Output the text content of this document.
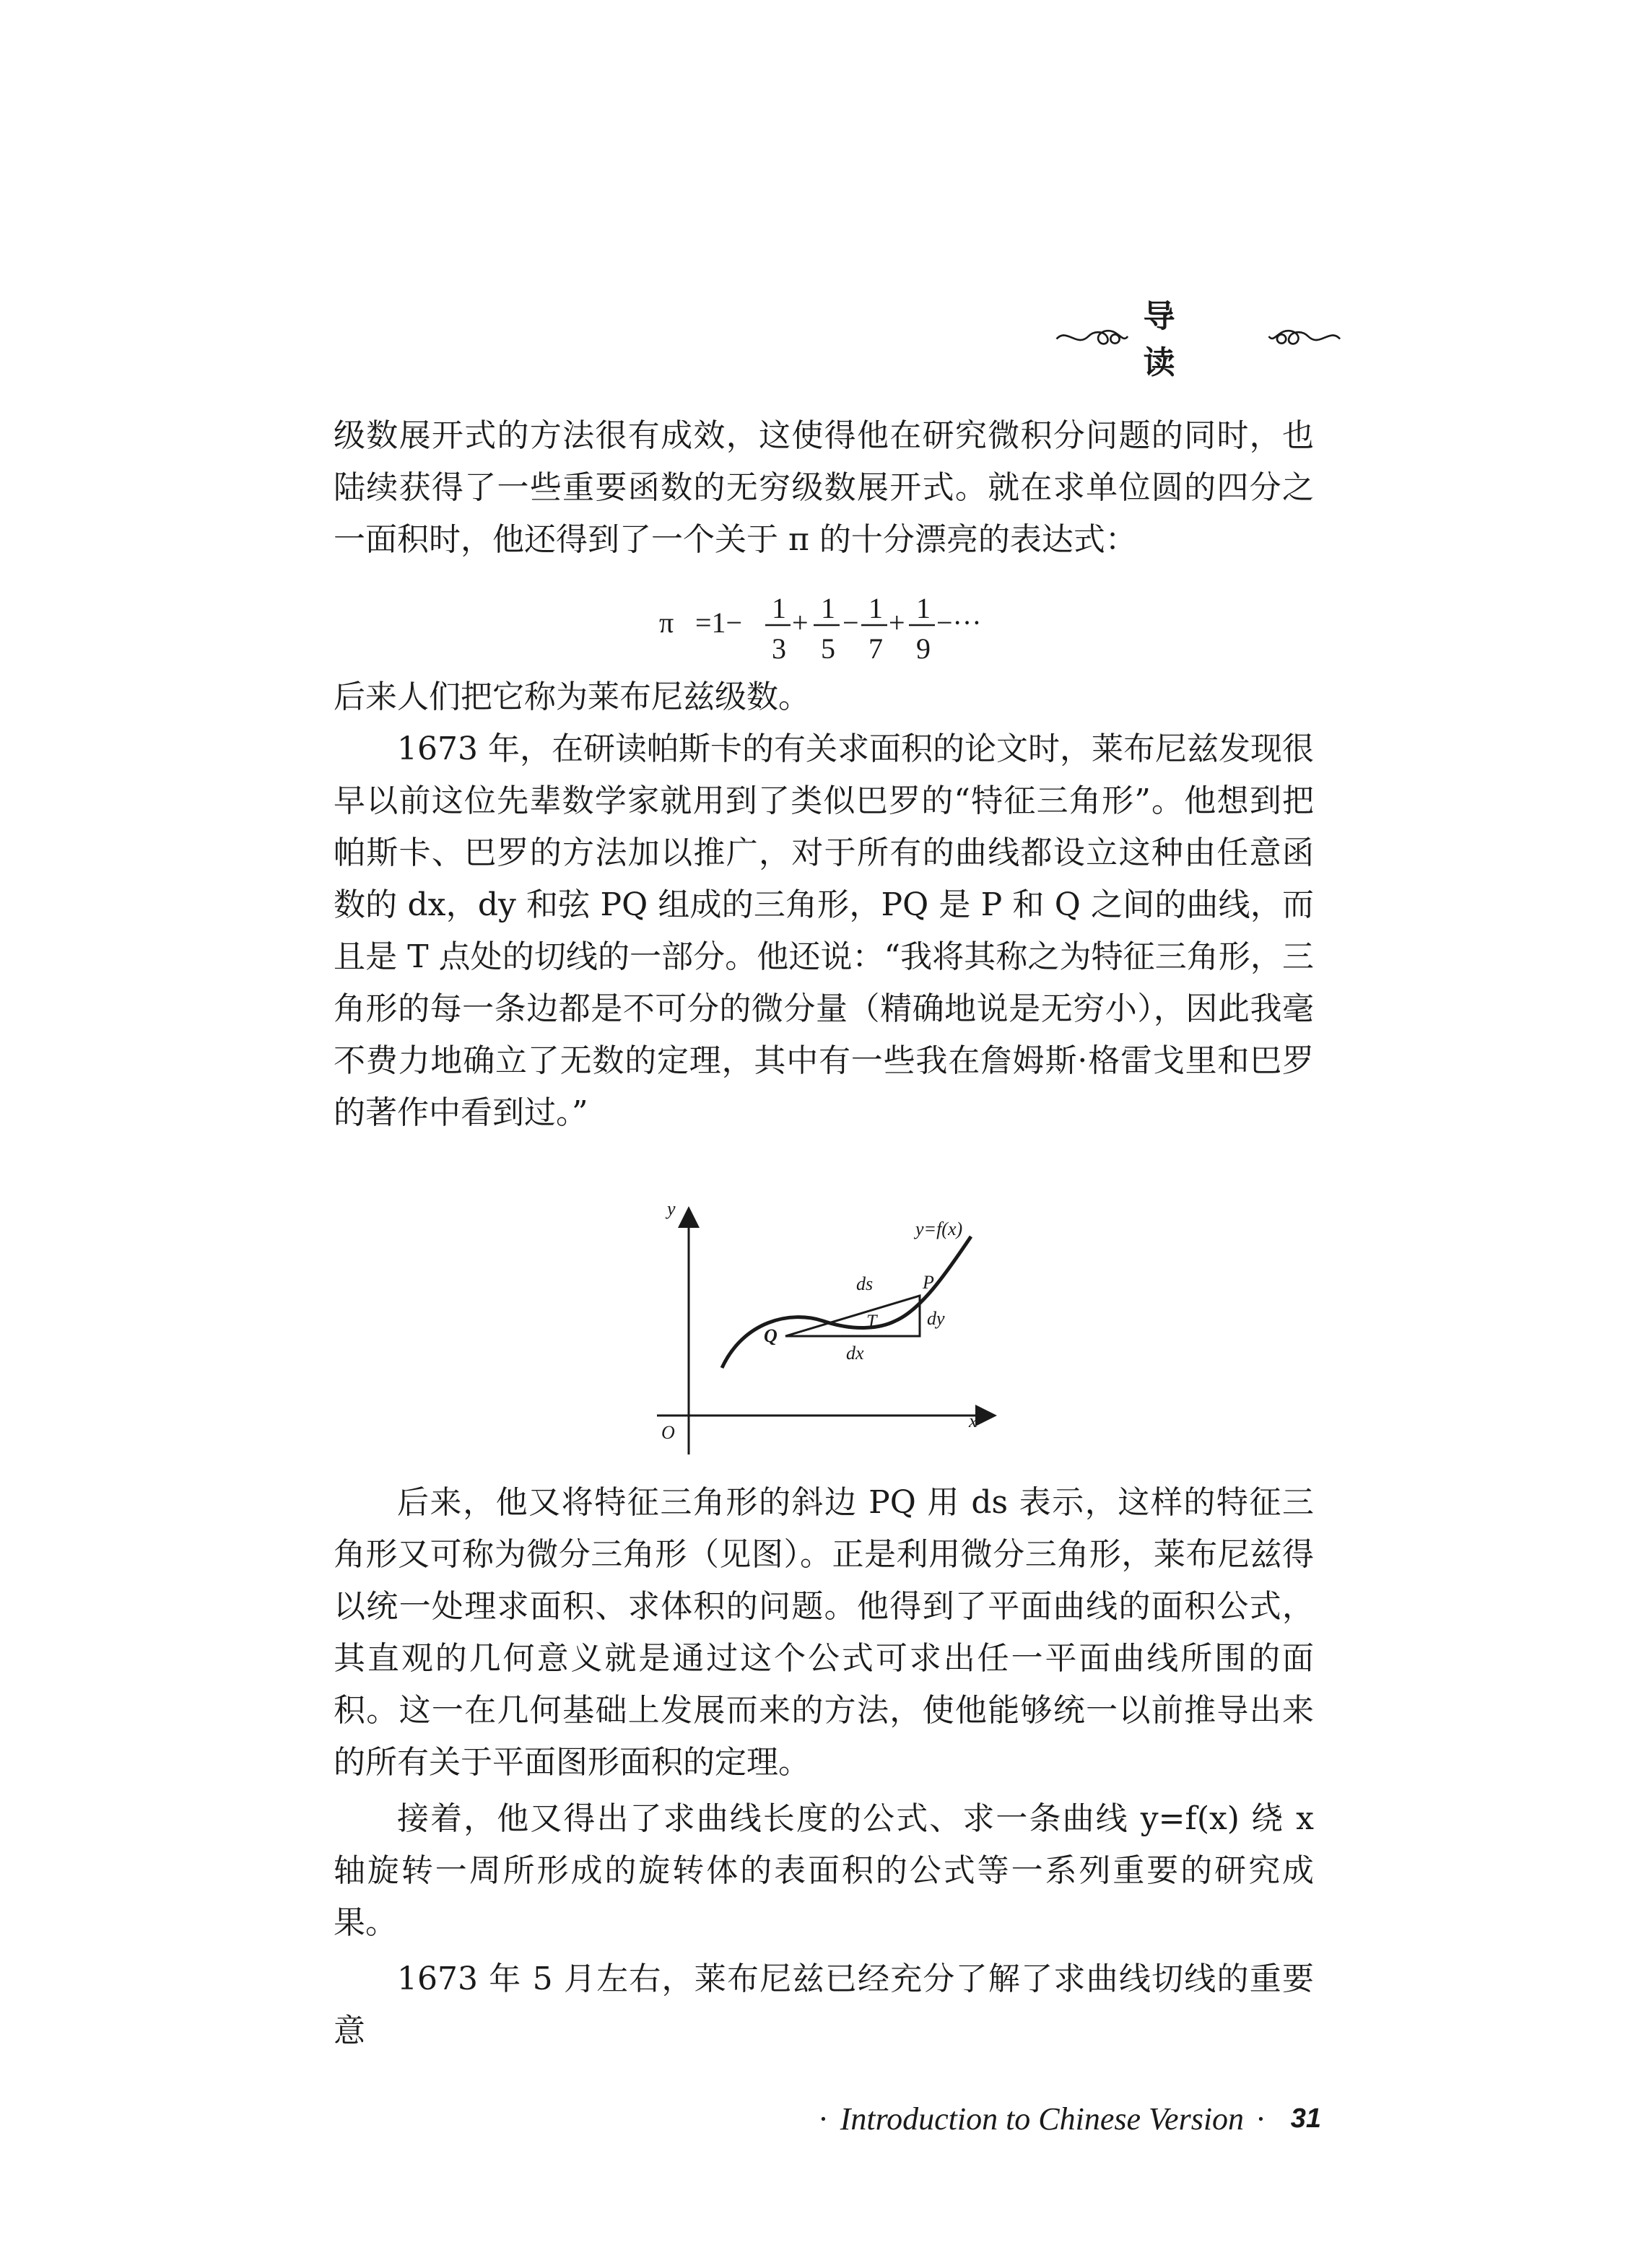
导 读

级数展开式的方法很有成效，这使得他在研究微积分问题的同时，也陆续获得了一些重要函数的无穷级数展开式。就在求单位圆的四分之一面积时，他还得到了一个关于 π 的十分漂亮的表达式：

π =1− 1
3
+ 1
5
− 1
7
+ 1
9
−···

后来人们把它称为莱布尼兹级数。

1673 年，在研读帕斯卡的有关求面积的论文时，莱布尼兹发现很早以前这位先辈数学家就用到了类似巴罗的“特征三角形”。他想到把帕斯卡、巴罗的方法加以推广，对于所有的曲线都设立这种由任意函数的 dx，dy 和弦 PQ 组成的三角形，PQ 是 P 和 Q 之间的曲线，而且是 T 点处的切线的一部分。他还说：“我将其称之为特征三角形，三角形的每一条边都是不可分的微分量（精确地说是无穷小），因此我毫不费力地确立了无数的定理，其中有一些我在詹姆斯·格雷戈里和巴罗的著作中看到过。”

y
x
O
y=f(x)
ds	P
T	dy
dx
Q

后来，他又将特征三角形的斜边 PQ 用 ds 表示，这样的特征三角形又可称为微分三角形（见图）。正是利用微分三角形，莱布尼兹得以统一处理求面积、求体积的问题。他得到了平面曲线的面积公式，其直观的几何意义就是通过这个公式可求出任一平面曲线所围的面积。这一在几何基础上发展而来的方法，使他能够统一以前推导出来的所有关于平面图形面积的定理。

接着，他又得出了求曲线长度的公式、求一条曲线 y=f(x) 绕 x 轴旋转一周所形成的旋转体的表面积的公式等一系列重要的研究成果。

1673 年 5 月左右，莱布尼兹已经充分了解了求曲线切线的重要意

· Introduction to Chinese Version · 31
